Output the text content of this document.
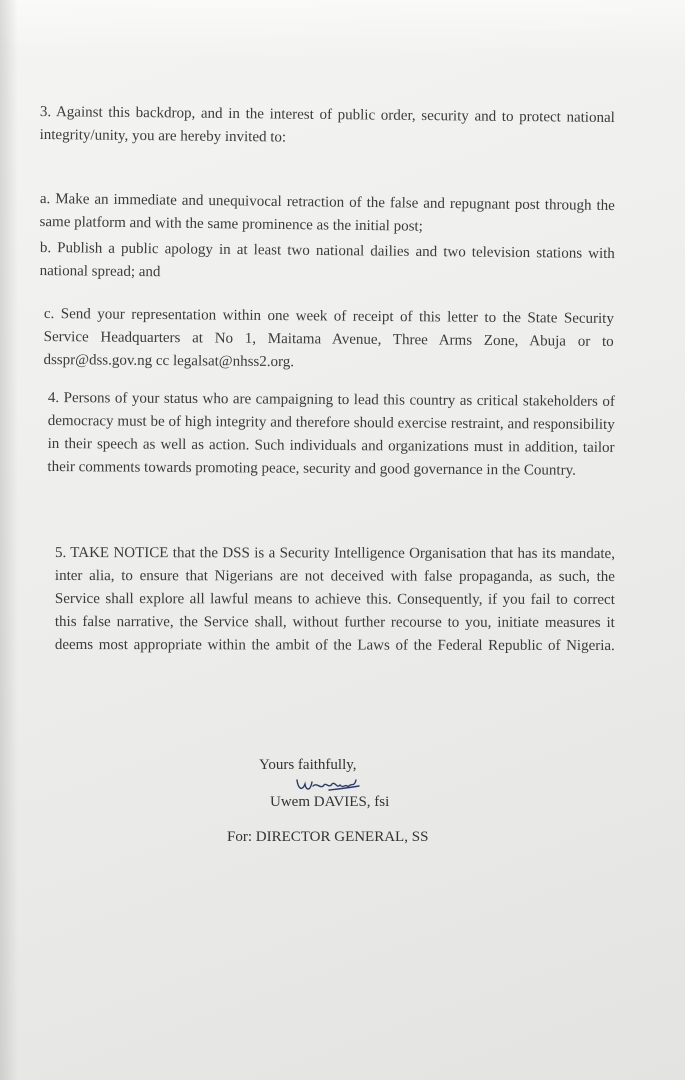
3. Against this backdrop, and in the interest of public order, security and to protect national integrity/unity, you are hereby invited to:

a. Make an immediate and unequivocal retraction of the false and repugnant post through the same platform and with the same prominence as the initial post;

b. Publish a public apology in at least two national dailies and two television stations with national spread; and

c. Send your representation within one week of receipt of this letter to the State Security Service Headquarters at No 1, Maitama Avenue, Three Arms Zone, Abuja or to dsspr@dss.gov.ng cc legalsat@nhss2.org.

4. Persons of your status who are campaigning to lead this country as critical stakeholders of democracy must be of high integrity and therefore should exercise restraint, and responsibility in their speech as well as action. Such individuals and organizations must in addition, tailor their comments towards promoting peace, security and good governance in the Country.

5. TAKE NOTICE that the DSS is a Security Intelligence Organisation that has its mandate, inter alia, to ensure that Nigerians are not deceived with false propaganda, as such, the Service shall explore all lawful means to achieve this. Consequently, if you fail to correct this false narrative, the Service shall, without further recourse to you, initiate measures it deems most appropriate within the ambit of the Laws of the Federal Republic of Nigeria.

Yours faithfully,
Uwem DAVIES, fsi
For: DIRECTOR GENERAL, SS
